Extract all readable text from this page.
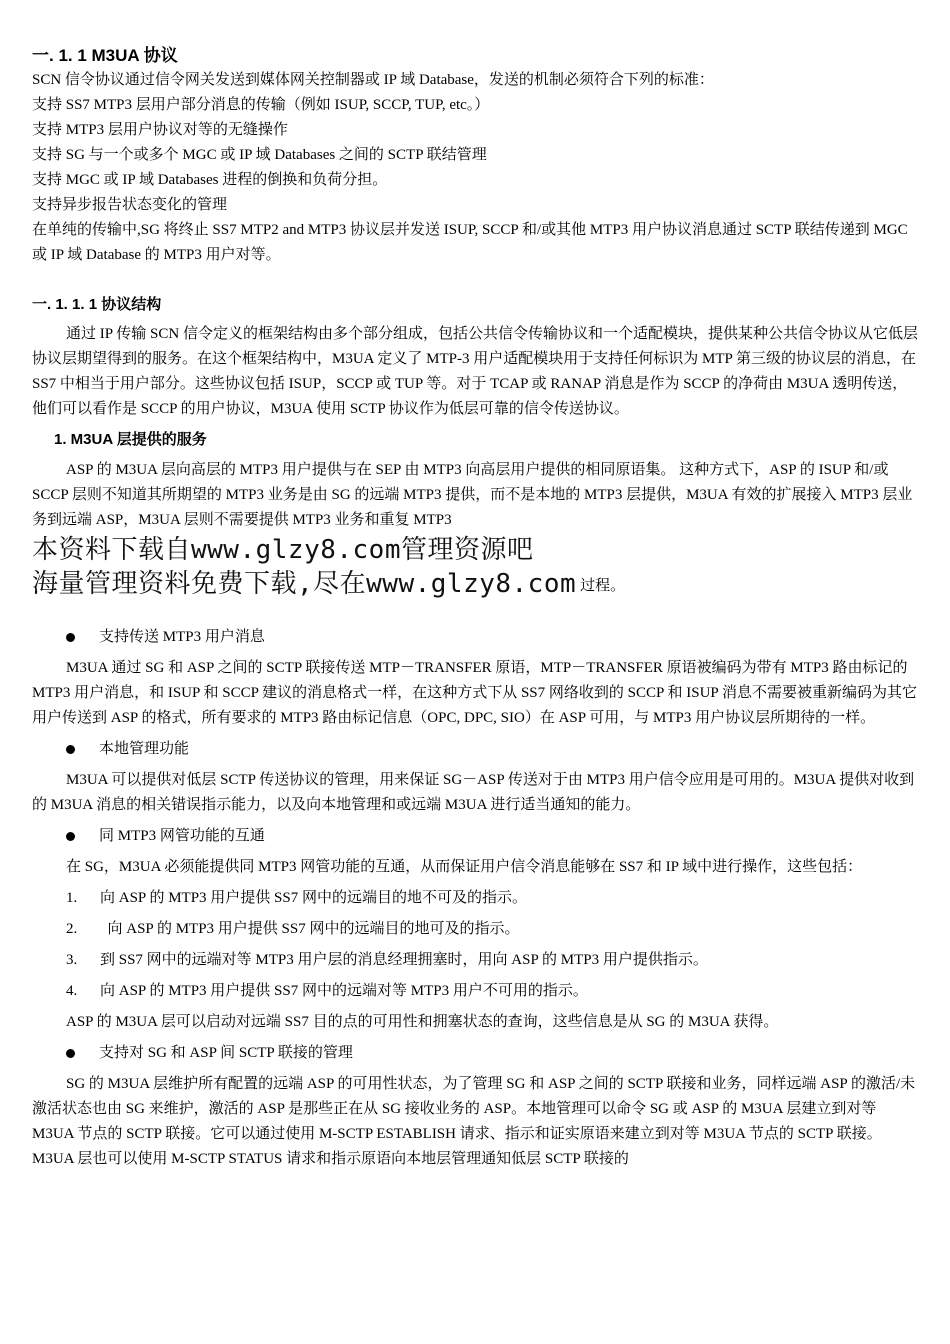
一. 1. 1 M3UA 协议

SCN 信令协议通过信令网关发送到媒体网关控制器或 IP 域 Database，发送的机制必须符合下列的标准：

支持 SS7 MTP3 层用户部分消息的传输（例如 ISUP, SCCP, TUP, etc。）

支持 MTP3 层用户协议对等的无缝操作

支持 SG 与一个或多个 MGC 或 IP 域 Databases 之间的 SCTP 联结管理

支持 MGC 或 IP 域 Databases 进程的倒换和负荷分担。

支持异步报告状态变化的管理

在单纯的传输中,SG 将终止 SS7 MTP2 and MTP3 协议层并发送 ISUP, SCCP 和/或其他 MTP3 用户协议消息通过 SCTP 联结传递到 MGC 或 IP 域 Database 的 MTP3 用户对等。

一. 1. 1. 1 协议结构

通过 IP 传输 SCN 信令定义的框架结构由多个部分组成，包括公共信令传输协议和一个适配模块，提供某种公共信令协议从它低层协议层期望得到的服务。在这个框架结构中，M3UA 定义了 MTP-3 用户适配模块用于支持任何标识为 MTP 第三级的协议层的消息，在 SS7 中相当于用户部分。这些协议包括 ISUP，SCCP 或 TUP 等。对于 TCAP 或 RANAP 消息是作为 SCCP 的净荷由 M3UA 透明传送，他们可以看作是 SCCP 的用户协议，M3UA 使用 SCTP 协议作为低层可靠的信令传送协议。

1. M3UA 层提供的服务

ASP 的 M3UA 层向高层的 MTP3 用户提供与在 SEP 由 MTP3 向高层用户提供的相同原语集。 这种方式下，ASP 的 ISUP 和/或 SCCP 层则不知道其所期望的 MTP3 业务是由 SG 的远端 MTP3 提供，而不是本地的 MTP3 层提供，M3UA 有效的扩展接入 MTP3 层业务到远端 ASP，M3UA 层则不需要提供 MTP3 业务和重复 MTP3

本资料下载自www.glzy8.com管理资源吧
海量管理资料免费下载,尽在www.glzy8.com 过程。
支持传送 MTP3 用户消息

M3UA 通过 SG 和 ASP 之间的 SCTP 联接传送 MTP－TRANSFER 原语，MTP－TRANSFER 原语被编码为带有 MTP3 路由标记的 MTP3 用户消息，和 ISUP 和 SCCP 建议的消息格式一样，在这种方式下从 SS7 网络收到的 SCCP 和 ISUP 消息不需要被重新编码为其它用户传送到 ASP 的格式，所有要求的 MTP3 路由标记信息（OPC, DPC, SIO）在 ASP 可用，与 MTP3 用户协议层所期待的一样。

本地管理功能

M3UA 可以提供对低层 SCTP 传送协议的管理，用来保证 SG－ASP 传送对于由 MTP3 用户信令应用是可用的。M3UA 提供对收到的 M3UA 消息的相关错误指示能力，以及向本地管理和或远端 M3UA 进行适当通知的能力。

同 MTP3 网管功能的互通

在 SG，M3UA 必须能提供同 MTP3 网管功能的互通，从而保证用户信令消息能够在 SS7 和 IP 域中进行操作，这些包括：

1.	向 ASP 的 MTP3 用户提供 SS7 网中的远端目的地不可及的指示。
2.	向 ASP 的 MTP3 用户提供 SS7 网中的远端目的地可及的指示。
3.	到 SS7 网中的远端对等 MTP3 用户层的消息经理拥塞时，用向 ASP 的 MTP3 用户提供指示。
4.	向 ASP 的 MTP3 用户提供 SS7 网中的远端对等 MTP3 用户不可用的指示。

ASP 的 M3UA 层可以启动对远端 SS7 目的点的可用性和拥塞状态的查询，这些信息是从 SG 的 M3UA 获得。

支持对 SG 和 ASP 间 SCTP 联接的管理

SG 的 M3UA 层维护所有配置的远端 ASP 的可用性状态，为了管理 SG 和 ASP 之间的 SCTP 联接和业务，同样远端 ASP 的激活/未激活状态也由 SG 来维护，激活的 ASP 是那些正在从 SG 接收业务的 ASP。本地管理可以命令 SG 或 ASP 的 M3UA 层建立到对等 M3UA 节点的 SCTP 联接。它可以通过使用 M-SCTP ESTABLISH 请求、指示和证实原语来建立到对等 M3UA 节点的 SCTP 联接。M3UA 层也可以使用 M-SCTP STATUS 请求和指示原语向本地层管理通知低层 SCTP 联接的
